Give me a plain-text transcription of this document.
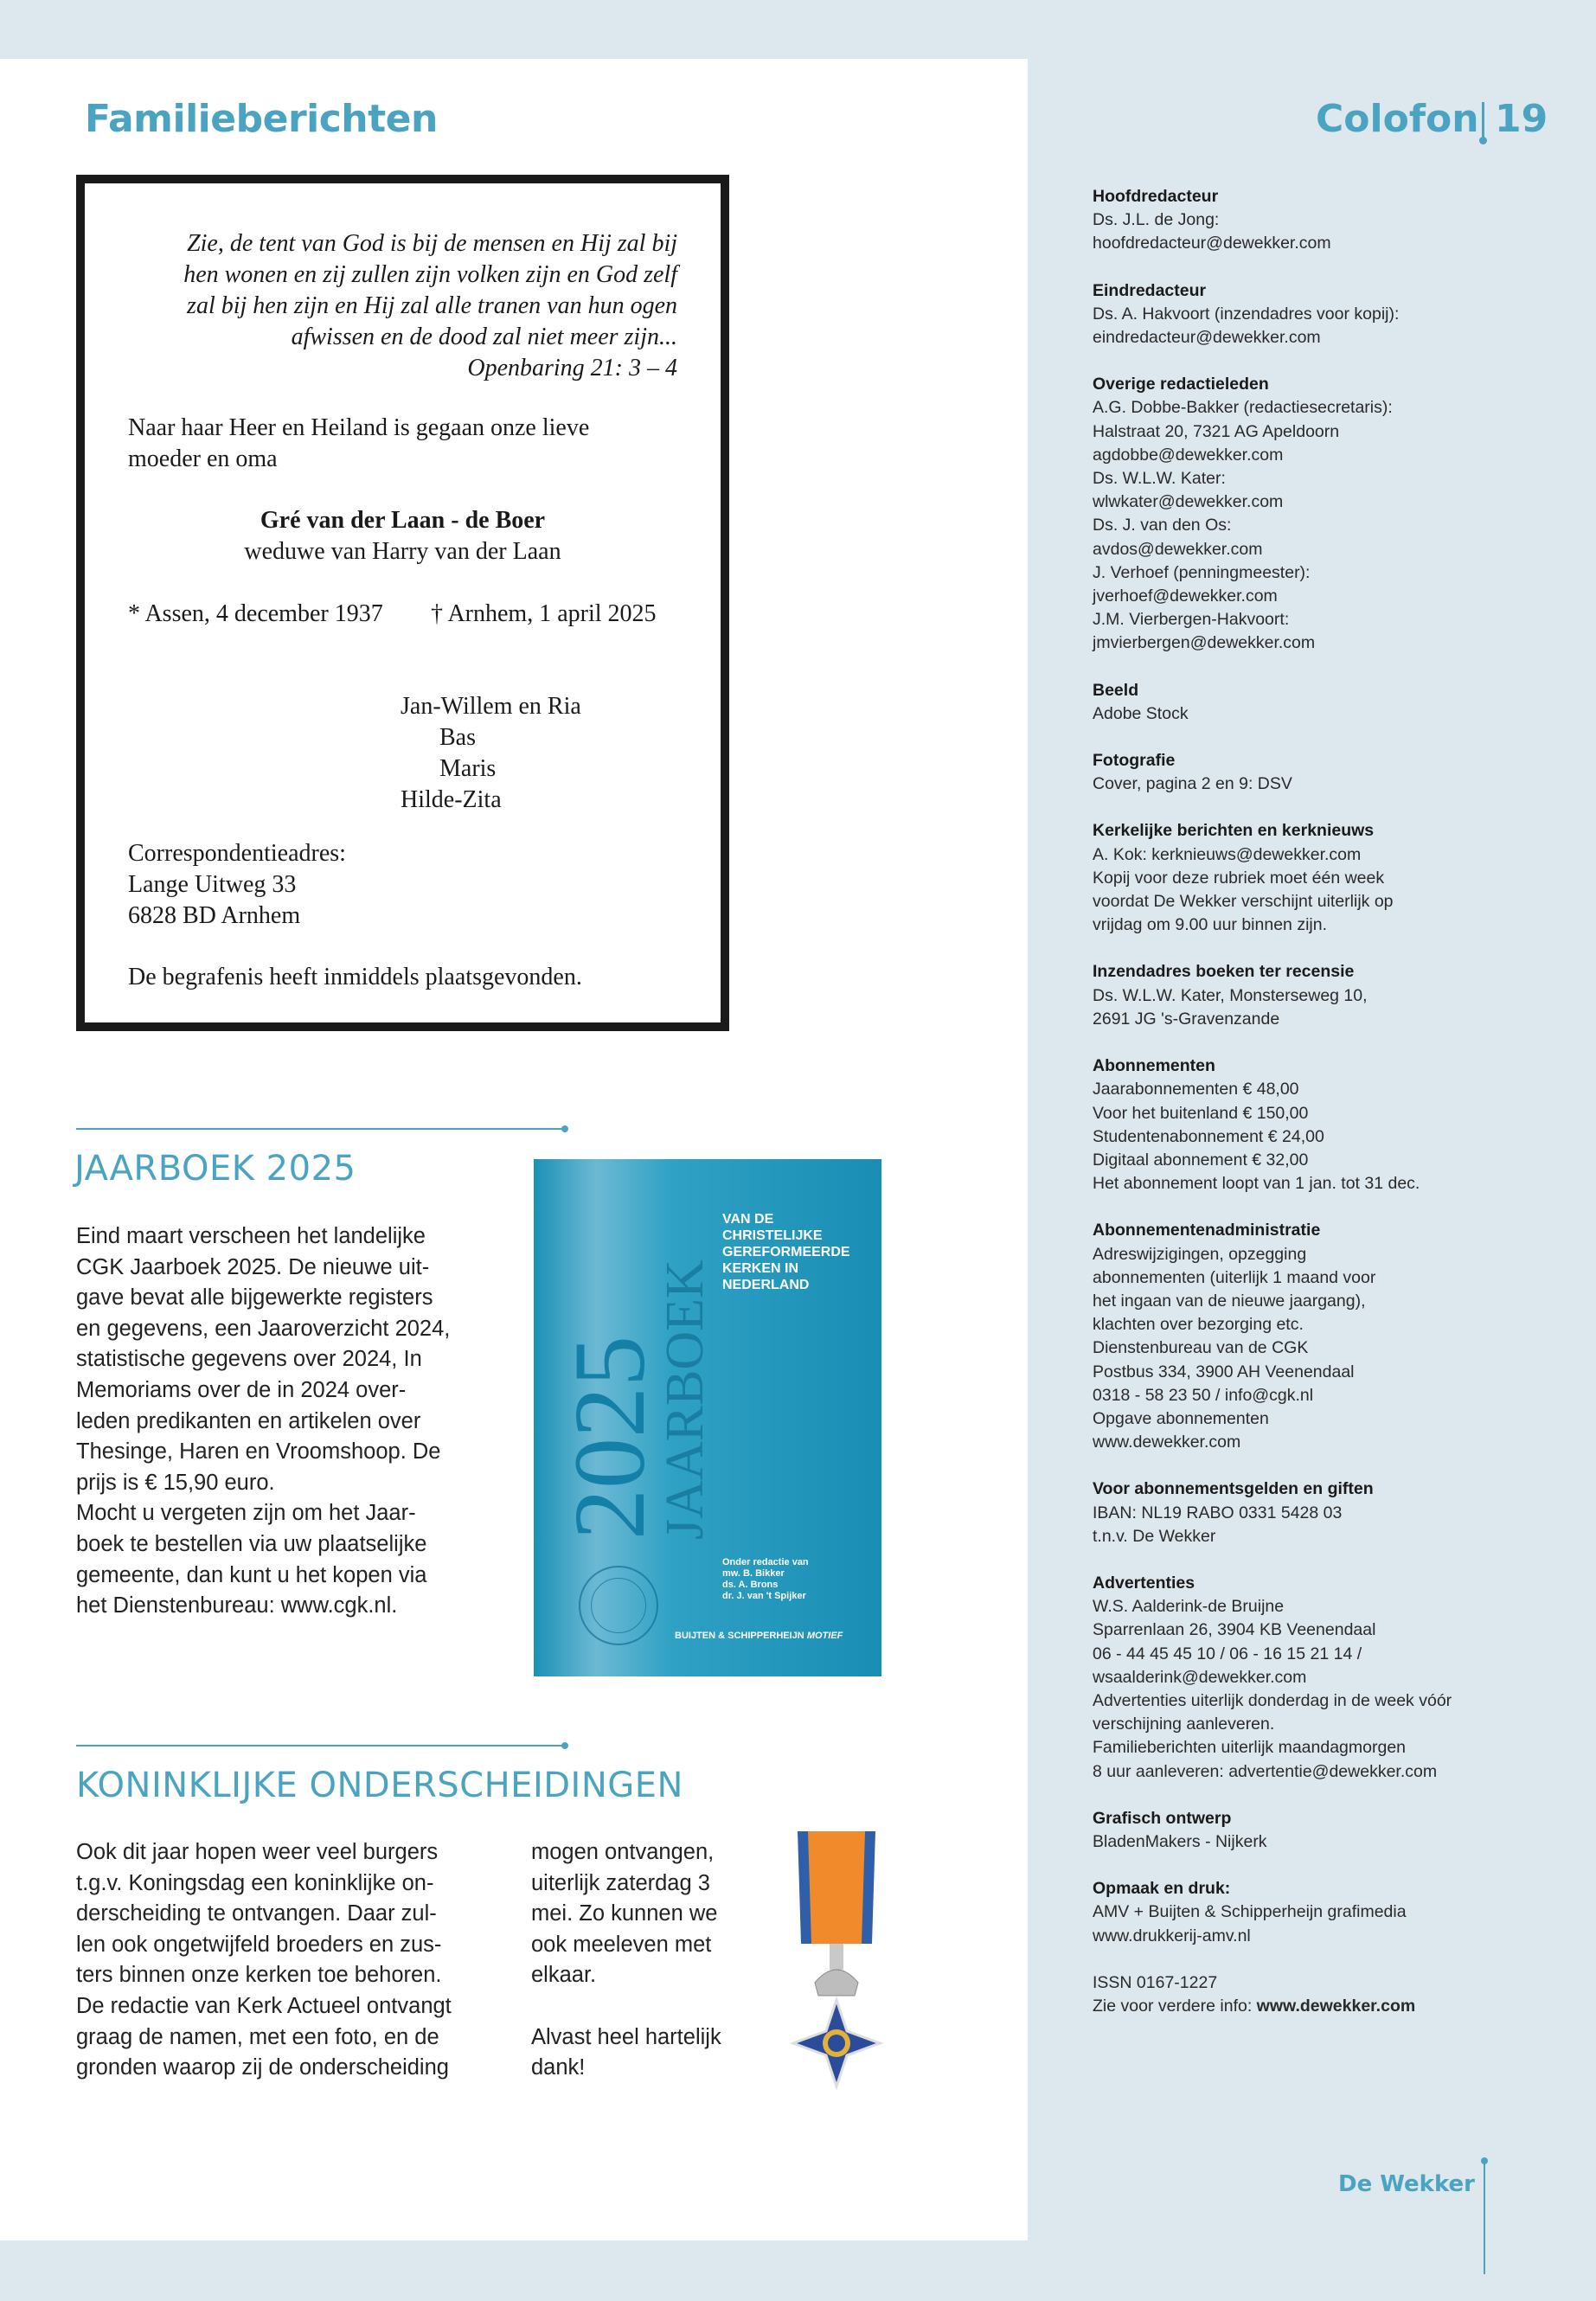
Familieberichten
Zie, de tent van God is bij de mensen en Hij zal bij
hen wonen en zij zullen zijn volken zijn en God zelf
zal bij hen zijn en Hij zal alle tranen van hun ogen
afwissen en de dood zal niet meer zijn...
Openbaring 21: 3 – 4
Naar haar Heer en Heiland is gegaan onze lieve
moeder en oma
Gré van der Laan - de Boer
weduwe van Harry van der Laan
* Assen, 4 december 1937 † Arnhem, 1 april 2025
Jan-Willem en Ria
Bas
Maris
Hilde-Zita
Correspondentieadres:
Lange Uitweg 33
6828 BD Arnhem
De begrafenis heeft inmiddels plaatsgevonden.
JAARBOEK 2025
Eind maart verscheen het landelijke
CGK Jaarboek 2025. De nieuwe uit-
gave bevat alle bijgewerkte registers
en gegevens, een Jaaroverzicht 2024,
statistische gegevens over 2024, In
Memoriams over de in 2024 over-
leden predikanten en artikelen over
Thesinge, Haren en Vroomshoop. De
prijs is € 15,90 euro.
Mocht u vergeten zijn om het Jaar-
boek te bestellen via uw plaatselijke
gemeente, dan kunt u het kopen via
het Dienstenbureau: www.cgk.nl.
2025
JAARBOEK
VAN DE
CHRISTELIJKE GEREFORMEERDE
KERKEN IN NEDERLAND
Onder redactie van
mw. B. Bikker
ds. A. Brons
dr. J. van 't Spijker
BUIJTEN & SCHIPPERHEIJN MOTIEF
KONINKLIJKE ONDERSCHEIDINGEN
Ook dit jaar hopen weer veel burgers
t.g.v. Koningsdag een koninklijke on-
derscheiding te ontvangen. Daar zul-
len ook ongetwijfeld broeders en zus-
ters binnen onze kerken toe behoren.
De redactie van Kerk Actueel ontvangt
graag de namen, met een foto, en de
gronden waarop zij de onderscheiding
mogen ontvangen,
uiterlijk zaterdag 3
mei. Zo kunnen we
ook meeleven met
elkaar.

Alvast heel hartelijk
dank!
Colofon 19
Hoofdredacteur
Ds. J.L. de Jong:
hoofdredacteur@dewekker.com
Eindredacteur
Ds. A. Hakvoort (inzendadres voor kopij):
eindredacteur@dewekker.com
Overige redactieleden
A.G. Dobbe-Bakker (redactiesecretaris):
Halstraat 20, 7321 AG Apeldoorn
agdobbe@dewekker.com
Ds. W.L.W. Kater:
wlwkater@dewekker.com
Ds. J. van den Os:
avdos@dewekker.com
J. Verhoef (penningmeester):
jverhoef@dewekker.com
J.M. Vierbergen-Hakvoort:
jmvierbergen@dewekker.com
Beeld
Adobe Stock
Fotografie
Cover, pagina 2 en 9: DSV
Kerkelijke berichten en kerknieuws
A. Kok: kerknieuws@dewekker.com
Kopij voor deze rubriek moet één week
voordat De Wekker verschijnt uiterlijk op
vrijdag om 9.00 uur binnen zijn.
Inzendadres boeken ter recensie
Ds. W.L.W. Kater, Monsterseweg 10,
2691 JG 's-Gravenzande
Abonnementen
Jaarabonnementen € 48,00
Voor het buitenland € 150,00
Studentenabonnement € 24,00
Digitaal abonnement € 32,00
Het abonnement loopt van 1 jan. tot 31 dec.
Abonnementenadministratie
Adreswijzigingen, opzegging
abonnementen (uiterlijk 1 maand voor
het ingaan van de nieuwe jaargang),
klachten over bezorging etc.
Dienstenbureau van de CGK
Postbus 334, 3900 AH Veenendaal
0318 - 58 23 50 / info@cgk.nl
Opgave abonnementen
www.dewekker.com
Voor abonnementsgelden en giften
IBAN: NL19 RABO 0331 5428 03
t.n.v. De Wekker
Advertenties
W.S. Aalderink-de Bruijne
Sparrenlaan 26, 3904 KB Veenendaal
06 - 44 45 45 10 / 06 - 16 15 21 14 /
wsaalderink@dewekker.com
Advertenties uiterlijk donderdag in de week vóór
verschijning aanleveren.
Familieberichten uiterlijk maandagmorgen
8 uur aanleveren: advertentie@dewekker.com
Grafisch ontwerp
BladenMakers - Nijkerk
Opmaak en druk:
AMV + Buijten & Schipperheijn grafimedia
www.drukkerij-amv.nl
ISSN 0167-1227
Zie voor verdere info: www.dewekker.com
De Wekker
